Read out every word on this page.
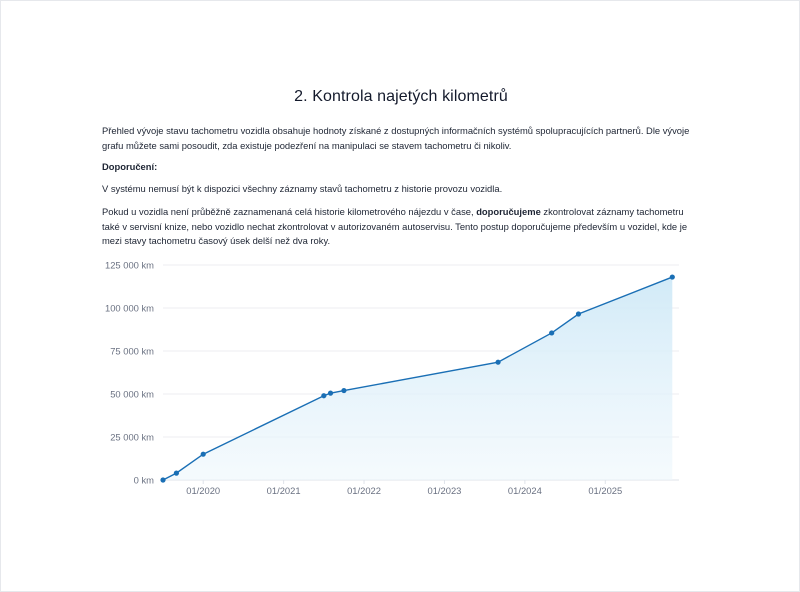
2. Kontrola najetých kilometrů

Přehled vývoje stavu tachometru vozidla obsahuje hodnoty získané z dostupných informačních systémů spolupracujících partnerů. Dle vývoje grafu můžete sami posoudit, zda existuje podezření na manipulaci se stavem tachometru či nikoliv.

Doporučení:

V systému nemusí být k dispozici všechny záznamy stavů tachometru z historie provozu vozidla.

Pokud u vozidla není průběžně zaznamenaná celá historie kilometrového nájezdu v čase, doporučujeme zkontrolovat záznamy tachometru také v servisní knize, nebo vozidlo nechat zkontrolovat v autorizovaném autoservisu. Tento postup doporučujeme především u vozidel, kde je mezi stavy tachometru časový úsek delší než dva roky.

0 km
25 000 km
50 000 km
75 000 km
100 000 km
125 000 km
01/2020	01/2021	01/2022	01/2023	01/2024	01/2025
